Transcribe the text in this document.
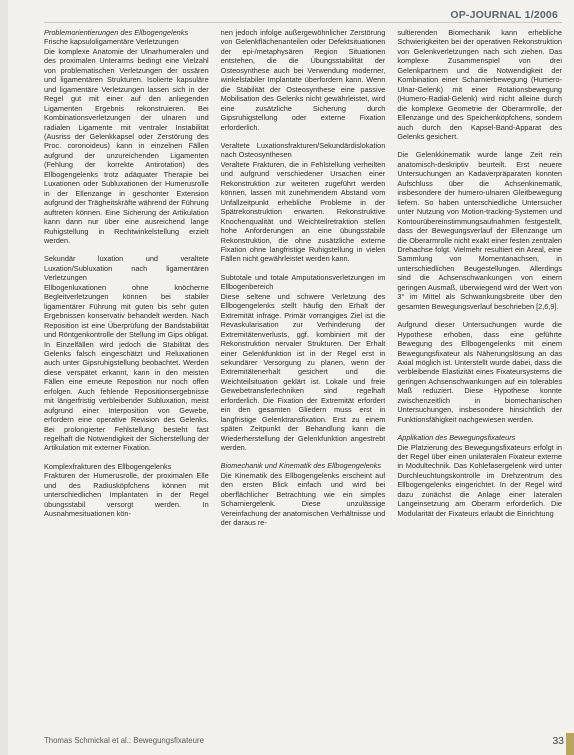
OP-JOURNAL 1/2006
Problemorientierungen des Ellbogengelenks
Frische kapsuloligamentäre Verletzungen

Die komplexe Anatomie der Ulnarhumeralen und des proximalen Unterarms bedingt eine Vielzahl von problematischen Verletzungen der ossären und ligamentären Strukturen. Isolierte kapsuläre und ligamentäre Verletzungen lassen sich in der Regel gut mit einer auf den anliegenden Ligamenten Ergebnis rekonstruieren. Bei Kombinationsverletzungen der ulnaren und radialen Ligamente mit ventraler Instabilität (Ausriss der Gelenkkapsel oder Zerstörung des Proc. coronoideus) kann in einzelnen Fällen aufgrund der unzureichenden Ligamenten (Fehlung der korrekte Antirotation) des Ellbogengelenks trotz adäquater Therapie bei Luxationen oder Subluxationen der Humerusrolle in der Ellenzange in geschonter Extension aufgrund der Trägheitskräfte während der Führung auftreten können. Eine Sicherung der Artikulation kann dann nur über eine ausreichend lange Ruhigstellung in Rechtwinkelstellung erzielt werden.

Sekundär luxation und veraltete Luxation/Subluxation nach ligamentären Verletzungen

Ellbogenluxationen ohne knöcherne Begleitverletzungen können bei stabiler ligamentärer Führung mit guten bis sehr guten Ergebnissen konservativ behandelt werden. Nach Reposition ist eine Überprüfung der Bandstabilität und Röntgenkontrolle der Stellung im Gips obligat. In Einzelfällen wird jedoch die Stabilität des Gelenks falsch eingeschätzt und Reluxationen auch unter Gipsruhigstellung beobachtet. Werden diese verspätet erkannt, kann in den meisten Fällen eine erneute Reposition nur noch offen erfolgen. Auch fehlende Repositionsergebnisse mit längerfristig verbleibender Subluxation, meist aufgrund einer Interposition von Gewebe, erfordern eine operative Revision des Gelenks. Bei prolongierter Fehlstellung besteht fast regelhaft die Notwendigkeit der Sicherstellung der Artikulation mit externer Fixation.

Komplexfrakturen des Ellbogengelenks

Frakturen der Humerusrolle, der proximalen Elle und des Radiusköpfchens können mit unterschiedlichen Implantaten in der Regel übungsstabil versorgt werden. In Ausnahmesituationen kön-

nen jedoch infolge außergewöhnlicher Zerstörung von Gelenkflächenanteilen oder Defektsituationen der epi-/metaphysären Region Situationen entstehen, die die Übungsstabilität der Osteosynthese auch bei Verwendung moderner, winkelstabiler Implantate überfordern kann. Wenn die Stabilität der Osteosynthese eine passive Mobilisation des Gelenks nicht gewährleistet, wird eine zusätzliche Sicherung durch Gipsruhigstellung oder externe Fixation erforderlich.

Veraltete Luxationsfrakturen/Sekundärdislokation nach Osteosynthesen

Veraltete Frakturen, die in Fehlstellung verheilten und aufgrund verschiedener Ursachen einer Rekonstruktion zur weiteren zugeführt werden können, lassen mit zunehmendem Abstand vom Unfallzeitpunkt erhebliche Probleme in der Spätrekonstruktion erwarten. Rekonstruktive Knochenqualität und Weichteilretraktion stellen hohe Anforderungen an eine übungsstabile Rekonstruktion, die ohne zusätzliche externe Fixation ohne langfristige Ruhigstellung in vielen Fällen nicht gewährleistet werden kann.

Subtotale und totale Amputationsverletzungen im Ellbogenbereich

Diese seltene und schwere Verletzung des Ellbogengelenks stellt häufig den Erhalt der Extremität infrage. Primär vorrangiges Ziel ist die Revaskularisation zur Verhinderung der Extremitätenverlusts, ggf. kombiniert mit der Rekonstruktion nervaler Strukturen. Der Erhalt einer Gelenkfunktion ist in der Regel erst in sekundärer Versorgung zu planen, wenn der Extremitätenerhalt gesichert und die Weichteilsituation geklärt ist. Lokale und freie Gewebetransferlechniken sind regelhaft erforderlich. Die Fixation der Extremität erfordert ein den gesamten Gliedern muss erst in langfristige Gelenktransfixation. Erst zu einem späten Zeitpunkt der Behandlung kann die Wiederherstellung der Gelenkfunktion angestrebt werden.

Biomechanik und Kinematik des Ellbogengelenks

Die Kinematik des Ellbogengelenks erscheint auf den ersten Blick einfach und wird bei oberflächlicher Betrachtung wie ein simples Scharniergelenk. Diese unzulässige Vereinfachung der anatomischen Verhältnisse und der daraus re-

sultierenden Biomechanik kann erhebliche Schwierigkeiten bei der operativen Rekonstruktion von Gelenkverletzungen nach sich ziehen. Das komplexe Zusammenspiel von drei Gelenkpartnern und die Notwendigkeit der Kombination einer Scharnierbewegung (Humero-Ulnar-Gelenk) mit einer Rotationsbewegung (Humero-Radial-Gelenk) wird nicht alleine durch die komplexe Geometrie der Oberarmrolle, der Ellenzange und des Speichenköpfchens, sondern auch durch den Kapsel-Band-Apparat des Gelenks gesichert.

Die Gelenkkinematik wurde lange Zeit rein anatomisch-deskriptiv beurteilt. Erst neuere Untersuchungen an Kadaverpräparaten konnten Aufschluss über die Achsenkinematik, insbesondere der humero-ulnaren Gleitbewegung liefern. So haben unterschiedliche Untersucher unter Nutzung von Motion-tracking-Systemen und Kontourübereinstimmungsaufnahmen festgestellt, dass der Bewegungsverlauf der Ellenzange um die Oberarmrolle nicht exakt einer festen zentralen Drehachse folgt. Vielmehr resultiert ein Areal, eine Sammlung von Momentanachsen, in unterschiedlichen Beugestellungen. Allerdings sind die Achsenschwankungen von einem geringen Ausmaß, überwiegend wird der Wert von 3° im Mittel als Schwankungsbreite über den gesamten Bewegungsverlauf beschrieben [2,6,9].

Aufgrund dieser Untersuchungen wurde die Hypothese erhoben, dass eine geführte Bewegung des Ellbogengelenks mit einem Bewegungsfixateur als Näherungslösung an das Axial möglich ist. Unterstellt wurde dabei, dass die verbleibende Elastizität eines Fixateursystems die geringen Achsenschwankungen auf ein tolerables Maß reduziert. Diese Hypothese konnte zwischenzeitlich in biomechanischen Untersuchungen, insbesondere hinsichtlich der Funktionsfähigkeit nachgewiesen werden.

Applikation des Bewegungsfixateurs

Die Platzierung des Bewegungsfixateurs erfolgt in der Regel über einen unilateralen Fixateur externe in Modultechnik. Das Kohlefasergelenk wird unter Durchleuchtungskontrolle im Drehzentrum des Ellbogengelenks eingerichtet. In der Regel wird dazu zunächst die Anlage einer lateralen Langeinsetzung am Oberarm erforderlich. Die Modularität der Fixateurs erlaubt die Einrichtung

Thomas Schmickal et al.: Bewegungsfixateure	33
